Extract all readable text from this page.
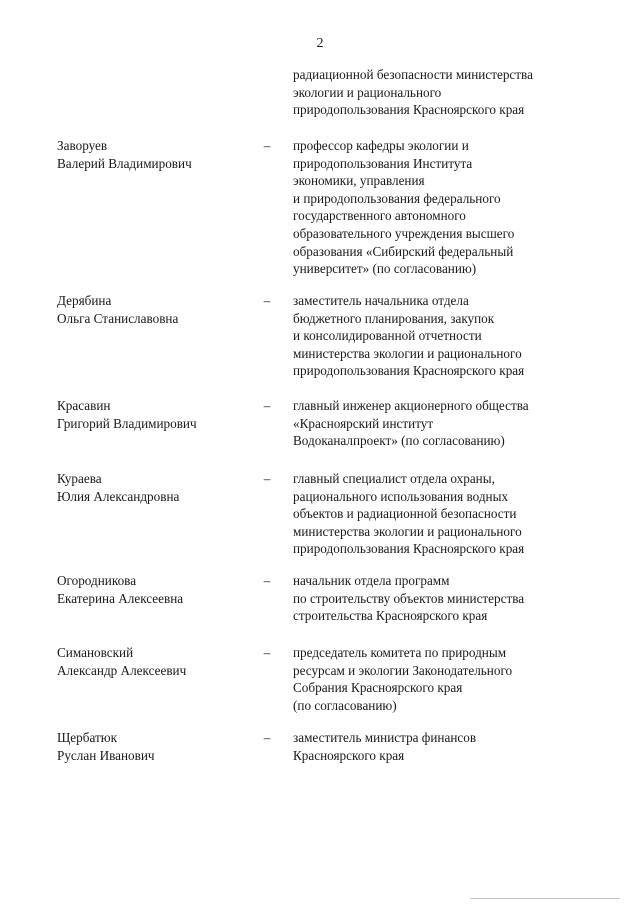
2
радиационной безопасности министерства
экологии и рационального
природопользования Красноярского края
Заворуев
Валерий Владимирович
–	профессор кафедры экологии и
природопользования Института
экономики, управления
и природопользования федерального
государственного автономного
образовательного учреждения высшего
образования «Сибирский федеральный
университет» (по согласованию)
Дерябина
Ольга Станиславовна
–	заместитель начальника отдела
бюджетного планирования, закупок
и консолидированной отчетности
министерства экологии и рационального
природопользования Красноярского края
Красавин
Григорий Владимирович
–	главный инженер акционерного общества
«Красноярский институт
Водоканалпроект» (по согласованию)
Кураева
Юлия Александровна
–	главный специалист отдела охраны,
рационального использования водных
объектов и радиационной безопасности
министерства экологии и рационального
природопользования Красноярского края
Огородникова
Екатерина Алексеевна
–	начальник отдела программ
по строительству объектов министерства
строительства Красноярского края
Симановский
Александр Алексеевич
–	председатель комитета по природным
ресурсам и экологии Законодательного
Собрания Красноярского края
(по согласованию)
Щербатюк
Руслан Иванович
–	заместитель министра финансов
Красноярского края
